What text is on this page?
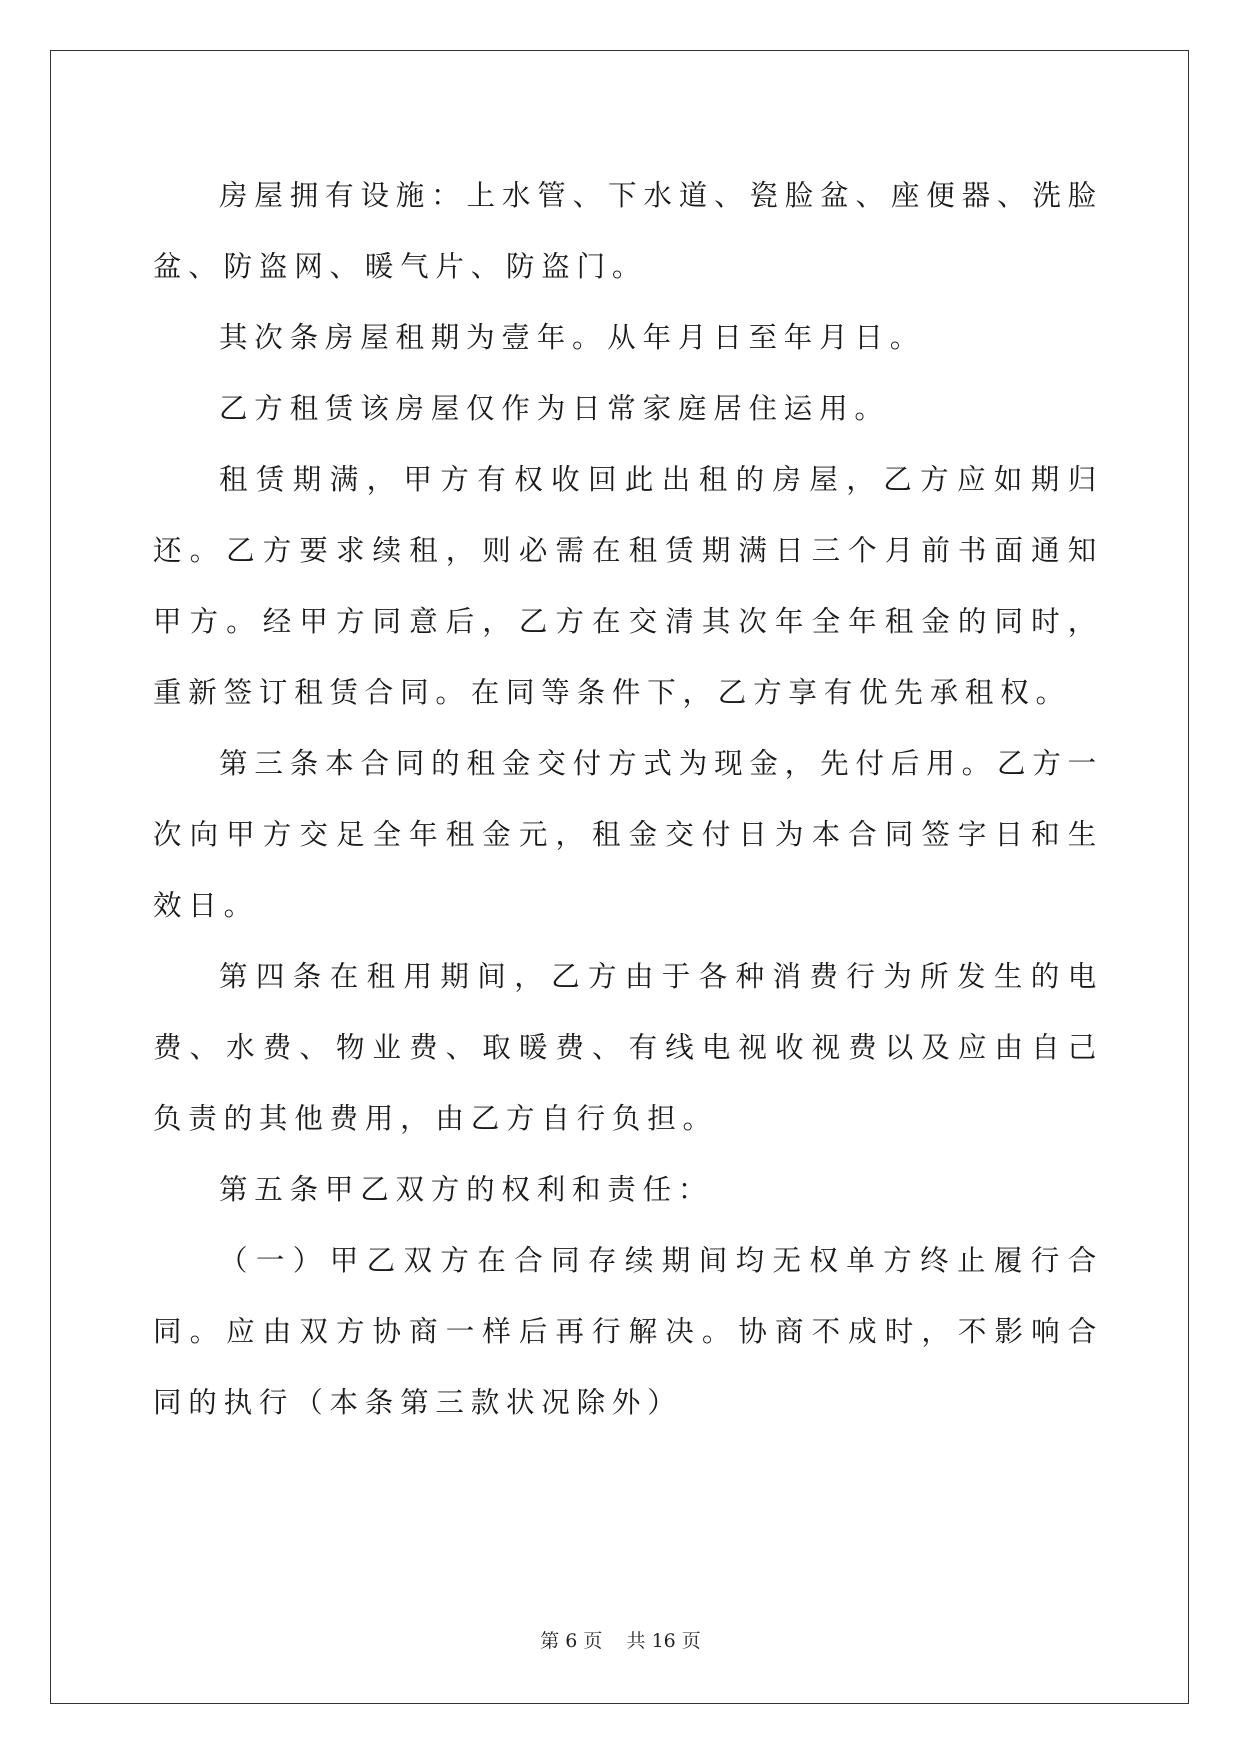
房屋拥有设施：上水管、下水道、瓷脸盆、座便器、洗脸盆、防盗网、暖气片、防盗门。

其次条房屋租期为壹年。从年月日至年月日。

乙方租赁该房屋仅作为日常家庭居住运用。

租赁期满，甲方有权收回此出租的房屋，乙方应如期归还。乙方要求续租，则必需在租赁期满日三个月前书面通知甲方。经甲方同意后，乙方在交清其次年全年租金的同时，重新签订租赁合同。在同等条件下，乙方享有优先承租权。

第三条本合同的租金交付方式为现金，先付后用。乙方一次向甲方交足全年租金元，租金交付日为本合同签字日和生效日。

第四条在租用期间，乙方由于各种消费行为所发生的电费、水费、物业费、取暖费、有线电视收视费以及应由自己负责的其他费用，由乙方自行负担。

第五条甲乙双方的权利和责任：

（一）甲乙双方在合同存续期间均无权单方终止履行合同。应由双方协商一样后再行解决。协商不成时，不影响合同的执行（本条第三款状况除外）

第 6 页    共 16 页
